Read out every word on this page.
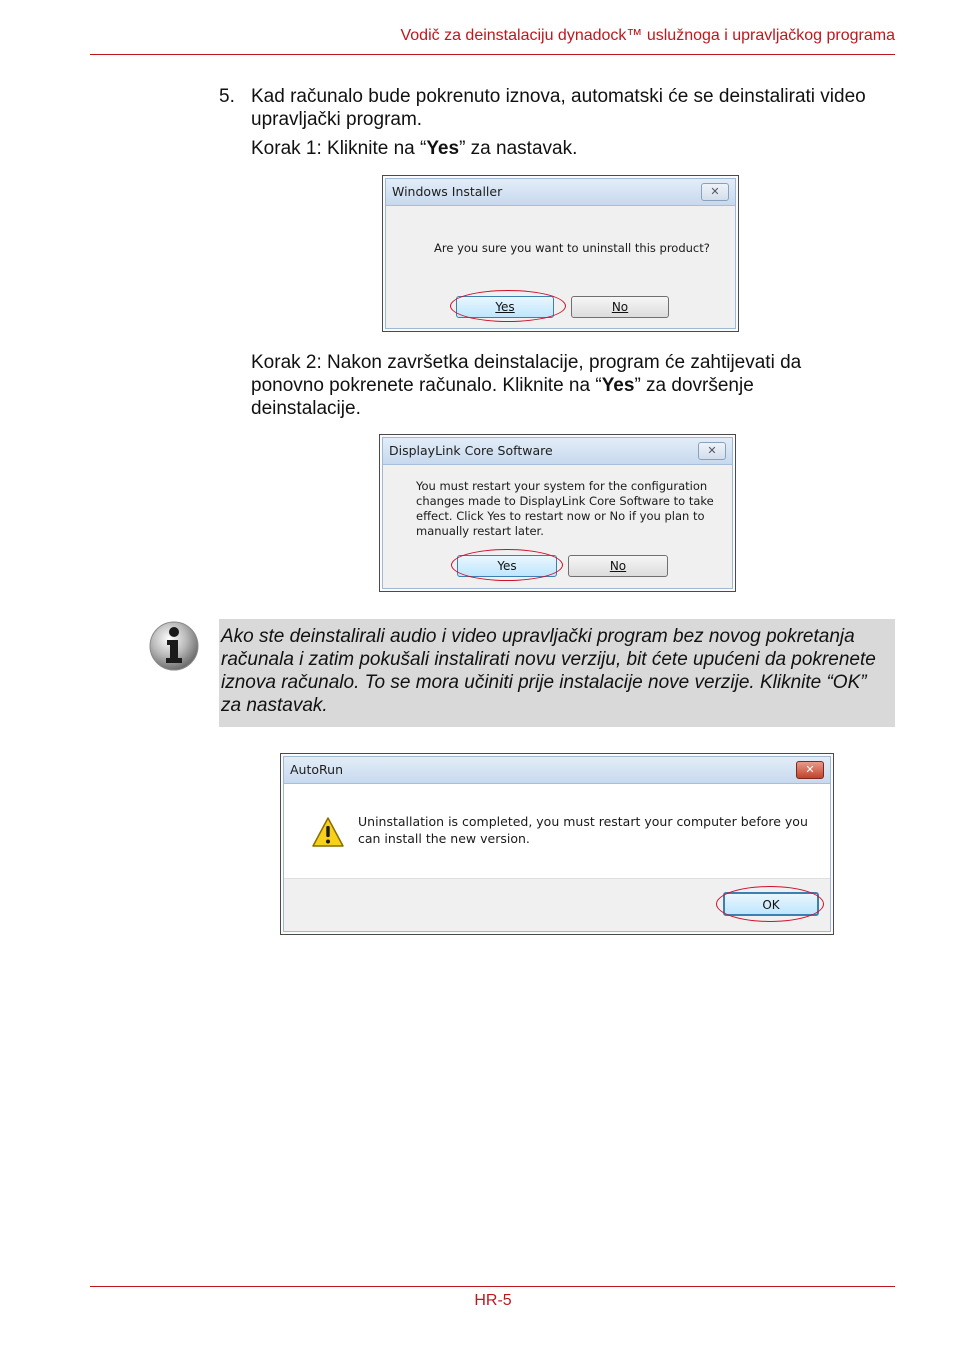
Vodič za deinstalaciju dynadock™ uslužnoga i upravljačkog programa
5. Kad računalo bude pokrenuto iznova, automatski će se deinstalirati video upravljački program.
Korak 1: Kliknite na “Yes” za nastavak.
Windows Installer	✕
Are you sure you want to uninstall this product?
Yes	No
Korak 2: Nakon završetka deinstalacije, program će zahtijevati da ponovno pokrenete računalo. Kliknite na “Yes” za dovršenje deinstalacije.
DisplayLink Core Software	✕
You must restart your system for the configuration
changes made to DisplayLink Core Software to take
effect. Click Yes to restart now or No if you plan to
manually restart later.
Yes	No
Ako ste deinstalirali audio i video upravljački program bez novog pokretanja računala i zatim pokušali instalirati novu verziju, bit ćete upućeni da pokrenete iznova računalo. To se mora učiniti prije instalacije nove verzije. Kliknite “OK” za nastavak.
AutoRun	✕
Uninstallation is completed, you must restart your computer before you
can install the new version.
OK
HR-5
